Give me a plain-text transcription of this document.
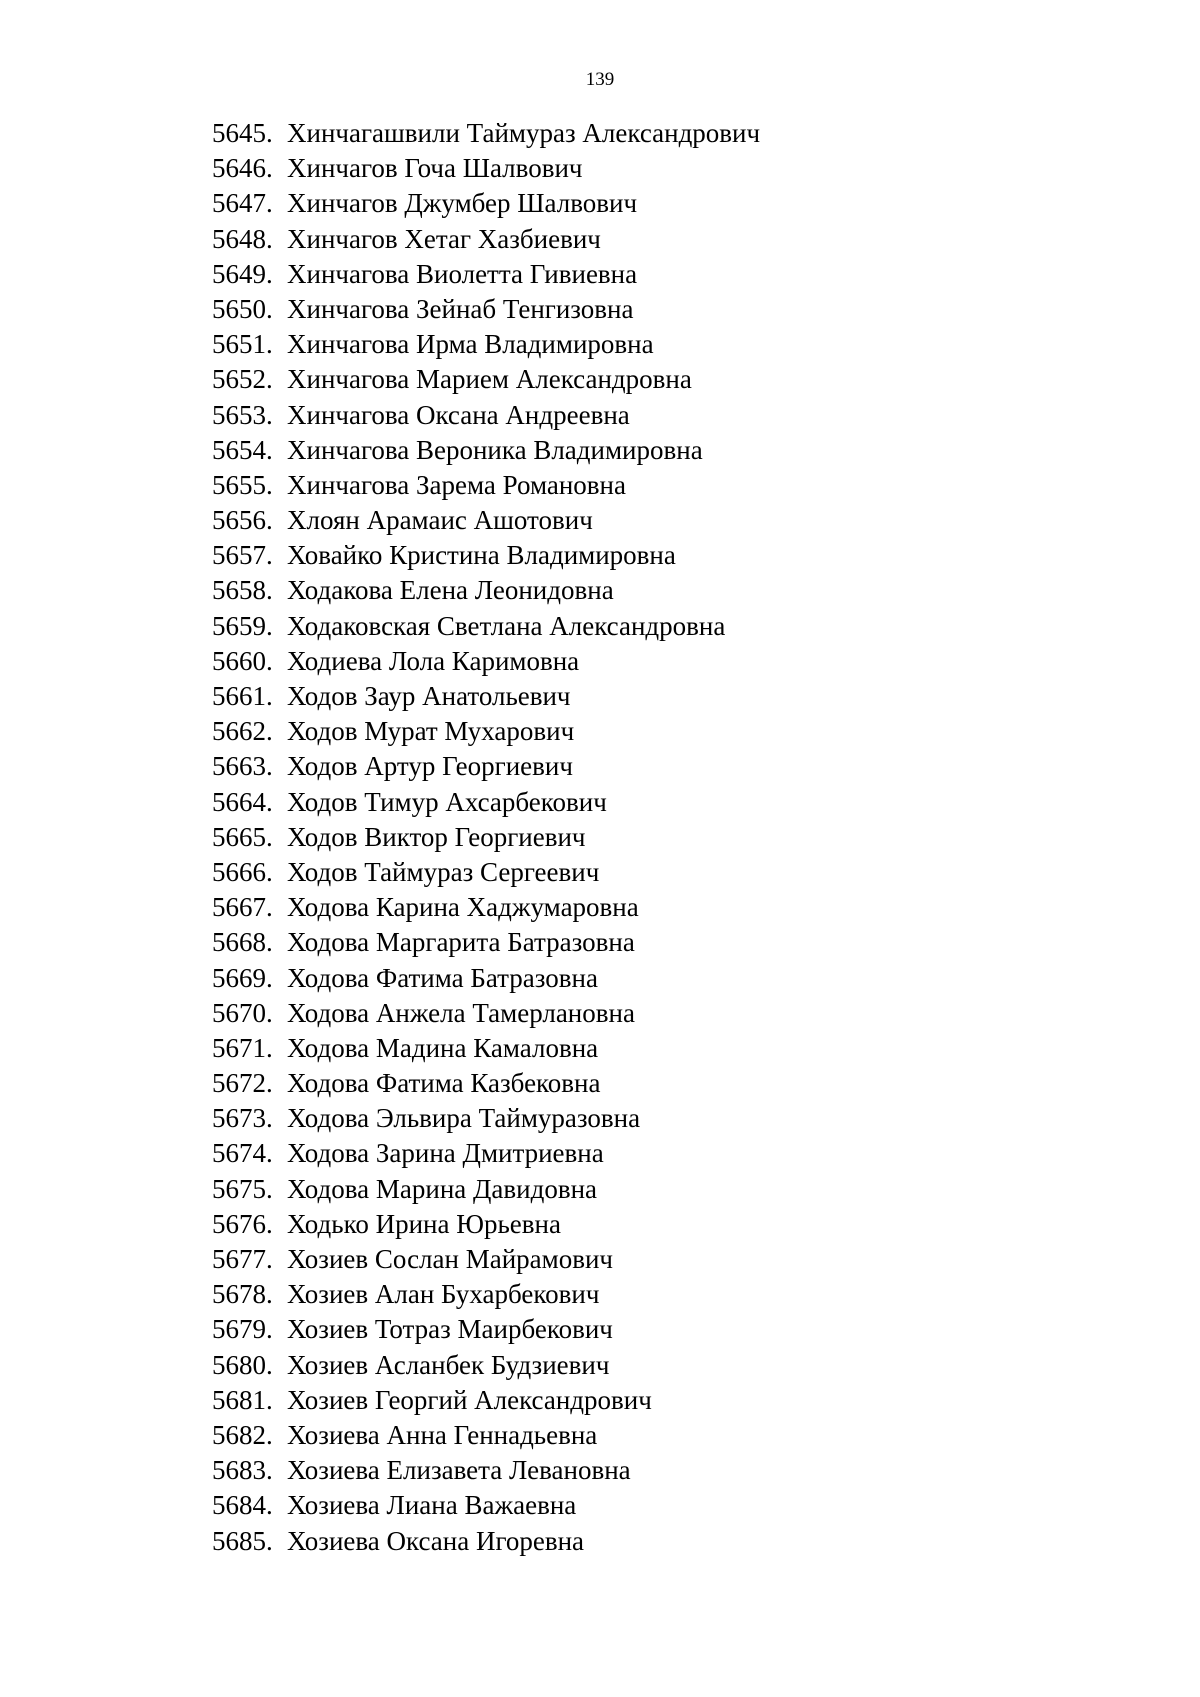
139
5645. Хинчагашвили Таймураз Александрович
5646. Хинчагов Гоча Шалвович
5647. Хинчагов Джумбер Шалвович
5648. Хинчагов Хетаг Хазбиевич
5649. Хинчагова Виолетта Гивиевна
5650. Хинчагова Зейнаб Тенгизовна
5651. Хинчагова Ирма Владимировна
5652. Хинчагова Марием Александровна
5653. Хинчагова Оксана Андреевна
5654. Хинчагова Вероника Владимировна
5655. Хинчагова Зарема Романовна
5656. Хлоян Арамаис Ашотович
5657. Ховайко Кристина Владимировна
5658. Ходакова Елена Леонидовна
5659. Ходаковская Светлана Александровна
5660. Ходиева Лола Каримовна
5661. Ходов Заур Анатольевич
5662. Ходов Мурат Мухарович
5663. Ходов Артур Георгиевич
5664. Ходов Тимур Ахсарбекович
5665. Ходов Виктор Георгиевич
5666. Ходов Таймураз Сергеевич
5667. Ходова Карина Хаджумаровна
5668. Ходова Маргарита Батразовна
5669. Ходова Фатима Батразовна
5670. Ходова Анжела Тамерлановна
5671. Ходова Мадина Камаловна
5672. Ходова Фатима Казбековна
5673. Ходова Эльвира Таймуразовна
5674. Ходова Зарина Дмитриевна
5675. Ходова Марина Давидовна
5676. Ходько Ирина Юрьевна
5677. Хозиев Сослан Майрамович
5678. Хозиев Алан Бухарбекович
5679. Хозиев Тотраз Маирбекович
5680. Хозиев Асланбек Будзиевич
5681. Хозиев Георгий Александрович
5682. Хозиева Анна Геннадьевна
5683. Хозиева Елизавета Левановна
5684. Хозиева Лиана Важаевна
5685. Хозиева Оксана Игоревна
